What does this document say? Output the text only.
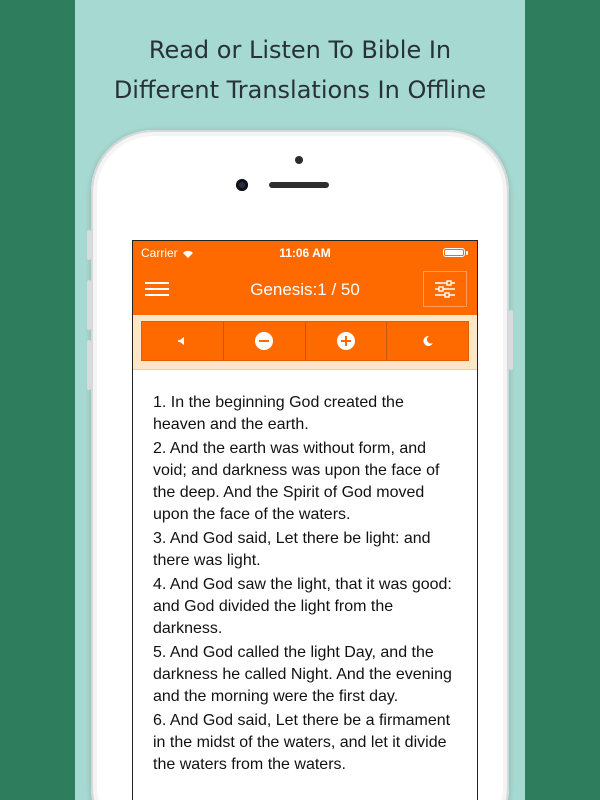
Read or Listen To Bible In
Different Translations In Offline
Carrier	11:06 AM
Genesis:1 / 50
1. In the beginning God created the heaven and the earth.
2. And the earth was without form, and void; and darkness was upon the face of the deep. And the Spirit of God moved upon the face of the waters.
3. And God said, Let there be light: and there was light.
4. And God saw the light, that it was good: and God divided the light from the darkness.
5. And God called the light Day, and the darkness he called Night. And the evening and the morning were the first day.
6. And God said, Let there be a firmament in the midst of the waters, and let it divide the waters from the waters.
